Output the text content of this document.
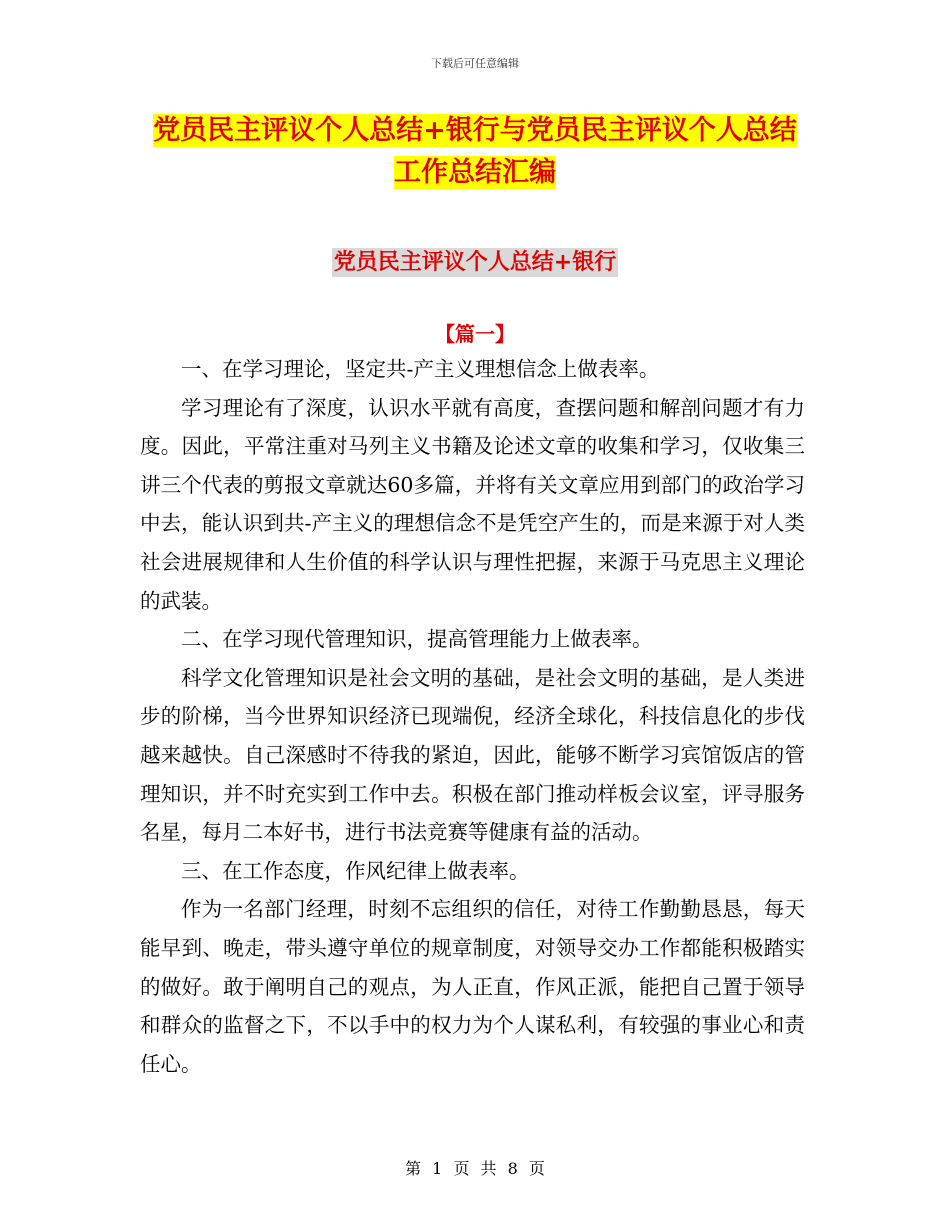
下载后可任意编辑
党员民主评议个人总结+银行与党员民主评议个人总结
工作总结汇编
党员民主评议个人总结+银行
【篇一】

一、在学习理论，坚定共-产主义理想信念上做表率。

学习理论有了深度，认识水平就有高度，查摆问题和解剖问题才有力度。因此，平常注重对马列主义书籍及论述文章的收集和学习，仅收集三讲三个代表的剪报文章就达60多篇，并将有关文章应用到部门的政治学习中去，能认识到共-产主义的理想信念不是凭空产生的，而是来源于对人类社会进展规律和人生价值的科学认识与理性把握，来源于马克思主义理论的武装。

二、在学习现代管理知识，提高管理能力上做表率。

科学文化管理知识是社会文明的基础，是社会文明的基础，是人类进步的阶梯，当今世界知识经济已现端倪，经济全球化，科技信息化的步伐越来越快。自己深感时不待我的紧迫，因此，能够不断学习宾馆饭店的管理知识，并不时充实到工作中去。积极在部门推动样板会议室，评寻服务名星，每月二本好书，进行书法竞赛等健康有益的活动。

三、在工作态度，作风纪律上做表率。

作为一名部门经理，时刻不忘组织的信任，对待工作勤勤恳恳，每天能早到、晚走，带头遵守单位的规章制度，对领导交办工作都能积极踏实的做好。敢于阐明自己的观点，为人正直，作风正派，能把自己置于领导和群众的监督之下，不以手中的权力为个人谋私利，有较强的事业心和责任心。

第 1 页 共 8 页
